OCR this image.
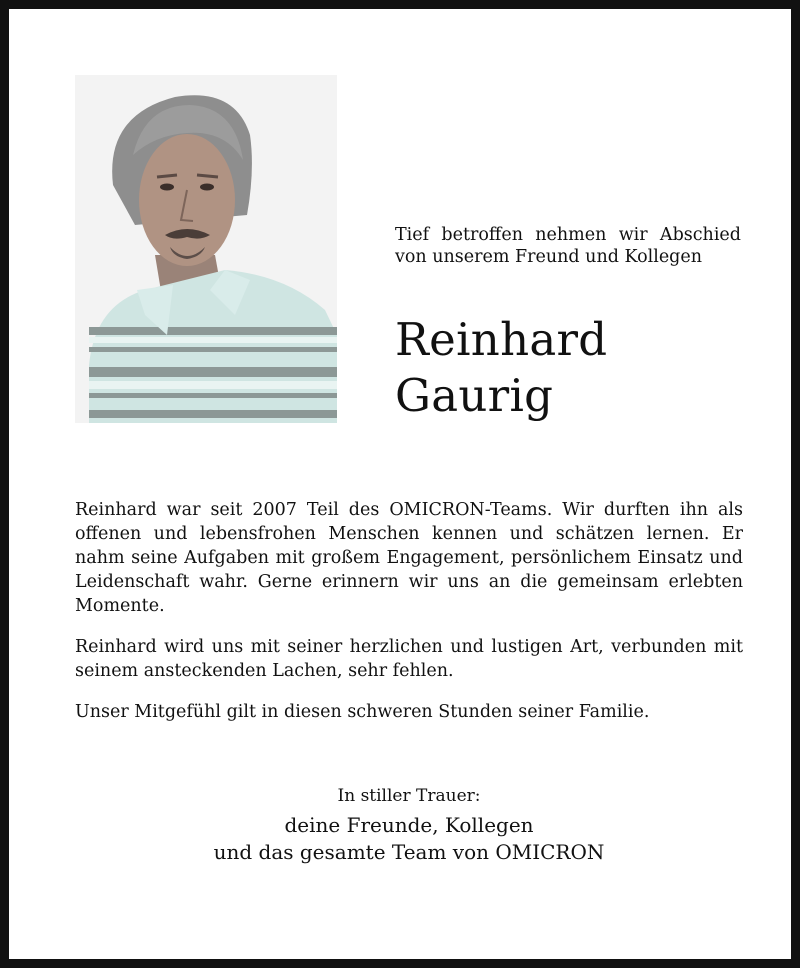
Tief betroffen nehmen wir Abschied
von unserem Freund und Kollegen
Reinhard
Gaurig

Reinhard war seit 2007 Teil des OMICRON-Teams. Wir durften ihn als offenen und lebensfrohen Menschen kennen und schätzen lernen. Er nahm seine Aufgaben mit großem Engagement, persönlichem Einsatz und Leidenschaft wahr. Gerne erinnern wir uns an die gemeinsam erlebten Momente.

Reinhard wird uns mit seiner herzlichen und lustigen Art, verbunden mit seinem ansteckenden Lachen, sehr fehlen.

Unser Mitgefühl gilt in diesen schweren Stunden seiner Familie.

In stiller Trauer:
deine Freunde, Kollegen
und das gesamte Team von OMICRON
